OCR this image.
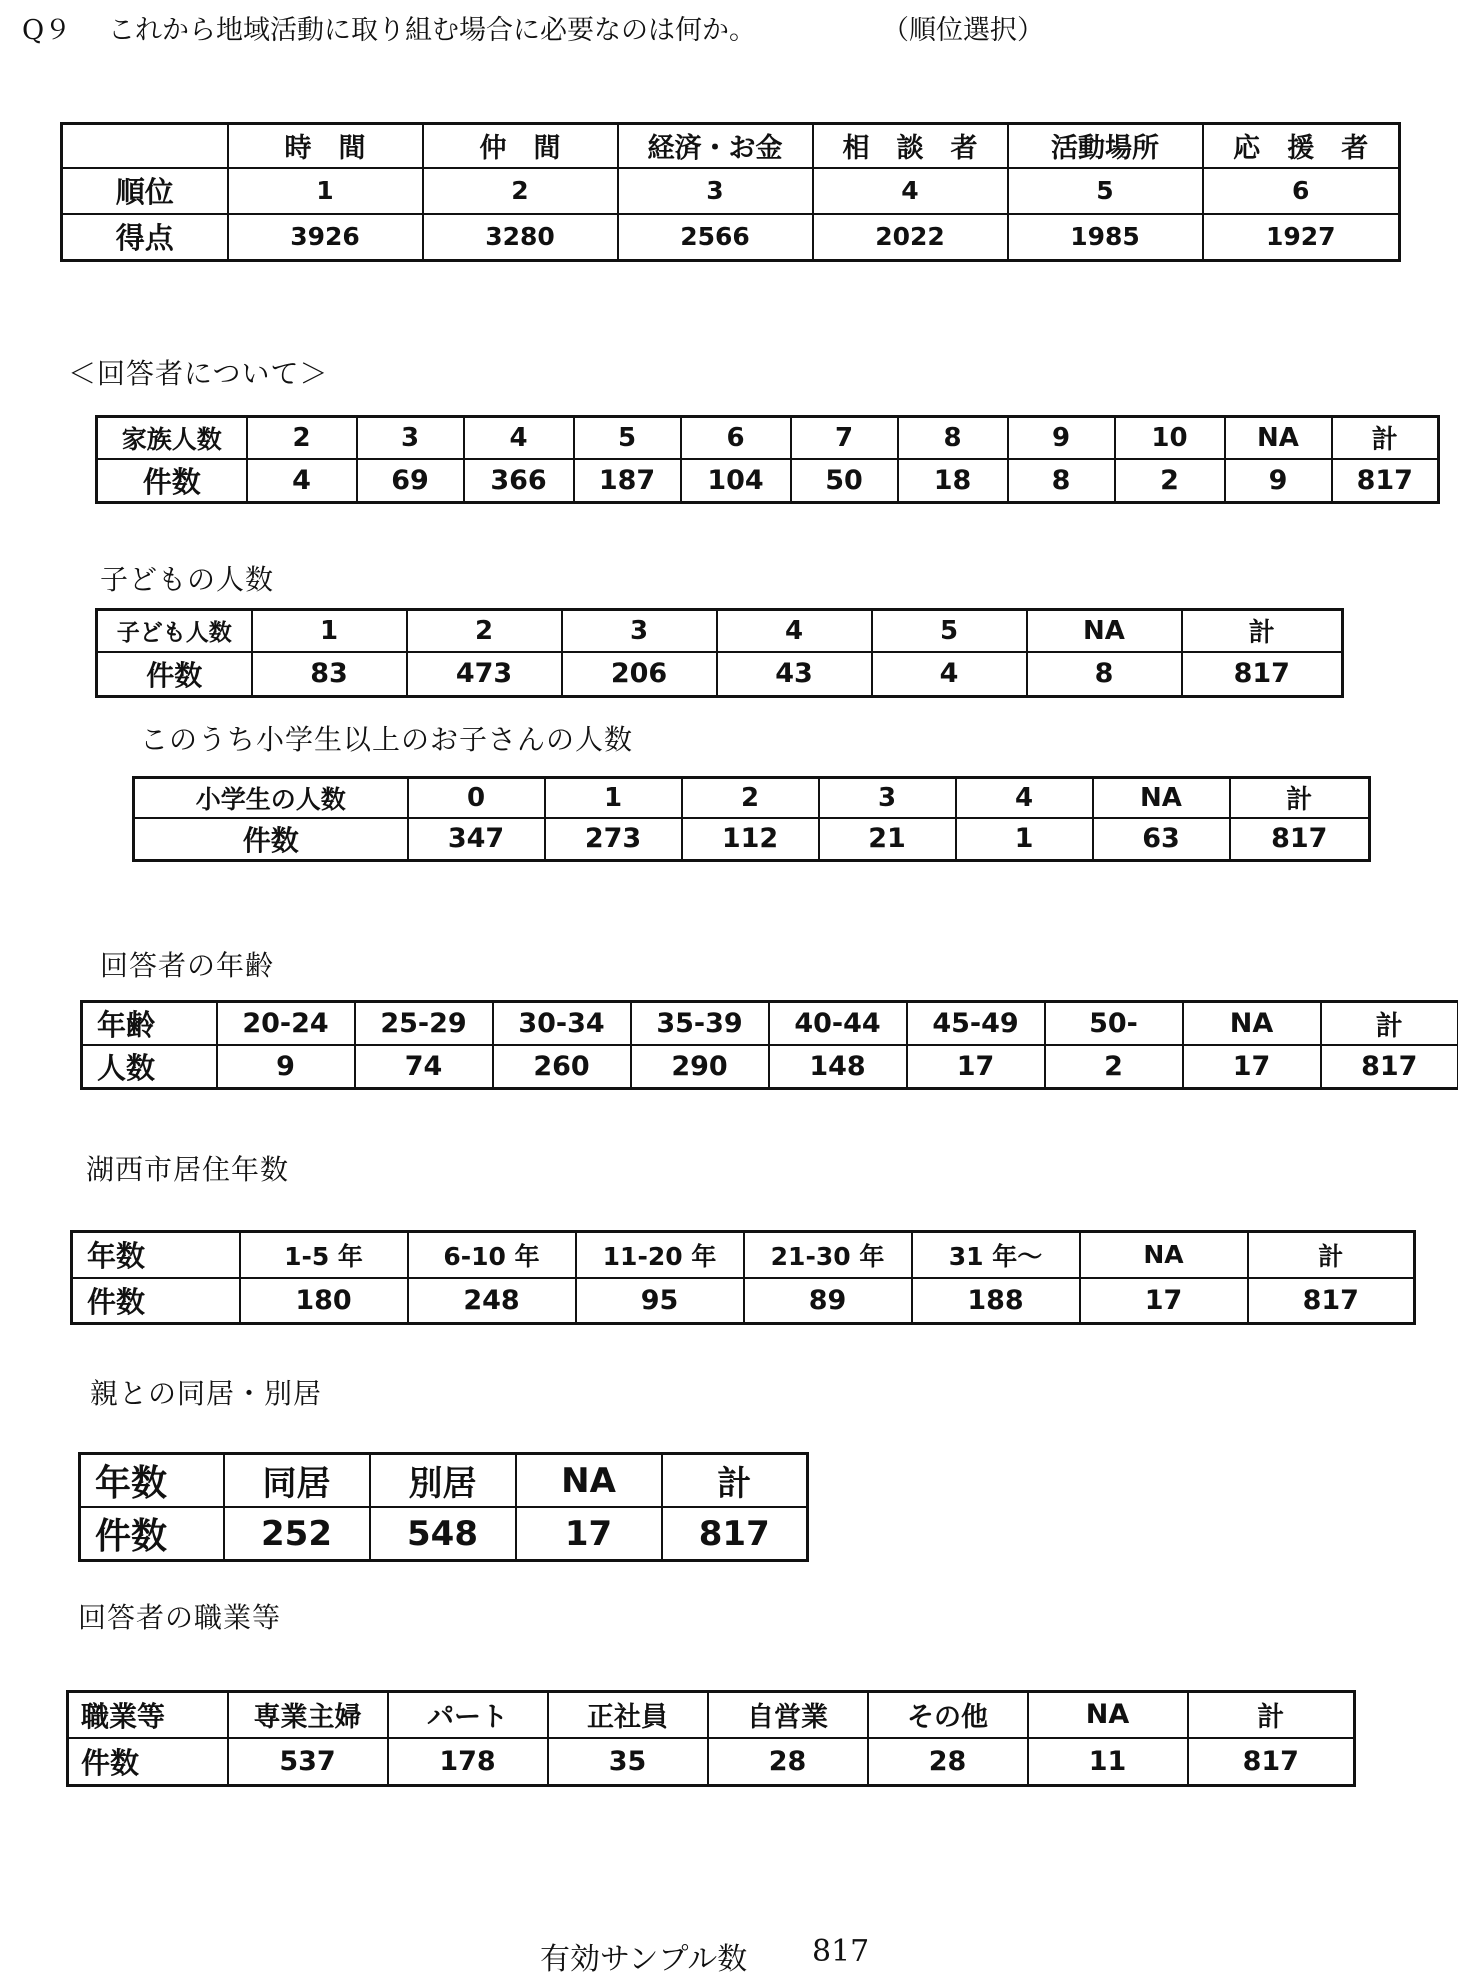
Q９ これから地域活動に取り組む場合に必要なのは何か。	（順位選択）
	時　間	仲　間	経済・お金	相　談　者	活動場所	応　援　者
順位	1	2	3	4	5	6
得点	3926	3280	2566	2022	1985	1927
＜回答者について＞
家族人数	2	3	4	5	6	7	8	9	10	NA	計
件数	4	69	366	187	104	50	18	8	2	9	817
子どもの人数
子ども人数	1	2	3	4	5	NA	計
件数	83	473	206	43	4	8	817
このうち小学生以上のお子さんの人数
小学生の人数	0	1	2	3	4	NA	計
件数	347	273	112	21	1	63	817
回答者の年齢
年齢	20-24	25-29	30-34	35-39	40-44	45-49	50-	NA	計
人数	9	74	260	290	148	17	2	17	817
湖西市居住年数
年数	1-5 年	6-10 年	11-20 年	21-30 年	31 年～	NA	計
件数	180	248	95	89	188	17	817
親との同居・別居
年数	同居	別居	NA	計
件数	252	548	17	817
回答者の職業等
職業等	専業主婦	パート	正社員	自営業	その他	NA	計
件数	537	178	35	28	28	11	817
有効サンプル数 817
